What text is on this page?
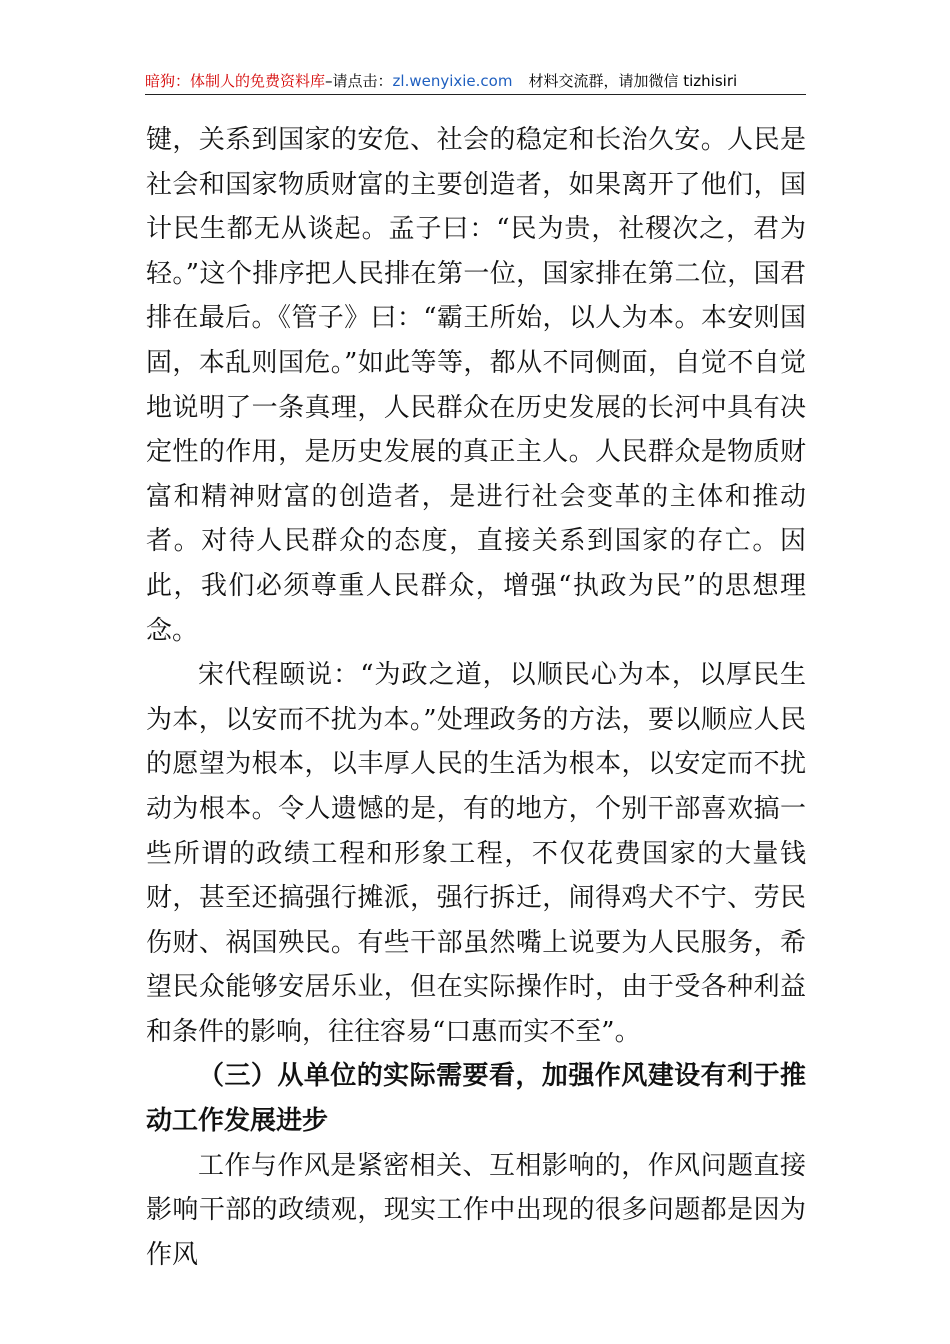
暗狗：体制人的免费资料库–请点击：zl.wenyixie.com 材料交流群，请加微信 tizhisiri

键，关系到国家的安危、社会的稳定和长治久安。人民是社会和国家物质财富的主要创造者，如果离开了他们，国计民生都无从谈起。孟子曰：“民为贵，社稷次之，君为轻。”这个排序把人民排在第一位，国家排在第二位，国君排在最后。《管子》曰：“霸王所始，以人为本。本安则国固，本乱则国危。”如此等等，都从不同侧面，自觉不自觉地说明了一条真理，人民群众在历史发展的长河中具有决定性的作用，是历史发展的真正主人。人民群众是物质财富和精神财富的创造者，是进行社会变革的主体和推动者。对待人民群众的态度，直接关系到国家的存亡。因此，我们必须尊重人民群众，增强“执政为民”的思想理念。

宋代程颐说：“为政之道，以顺民心为本，以厚民生为本，以安而不扰为本。”处理政务的方法，要以顺应人民的愿望为根本，以丰厚人民的生活为根本，以安定而不扰动为根本。令人遗憾的是，有的地方，个别干部喜欢搞一些所谓的政绩工程和形象工程，不仅花费国家的大量钱财，甚至还搞强行摊派，强行拆迁，闹得鸡犬不宁、劳民伤财、祸国殃民。有些干部虽然嘴上说要为人民服务，希望民众能够安居乐业，但在实际操作时，由于受各种利益和条件的影响，往往容易“口惠而实不至”。

（三）从单位的实际需要看，加强作风建设有利于推动工作发展进步

工作与作风是紧密相关、互相影响的，作风问题直接影响干部的政绩观，现实工作中出现的很多问题都是因为作风
